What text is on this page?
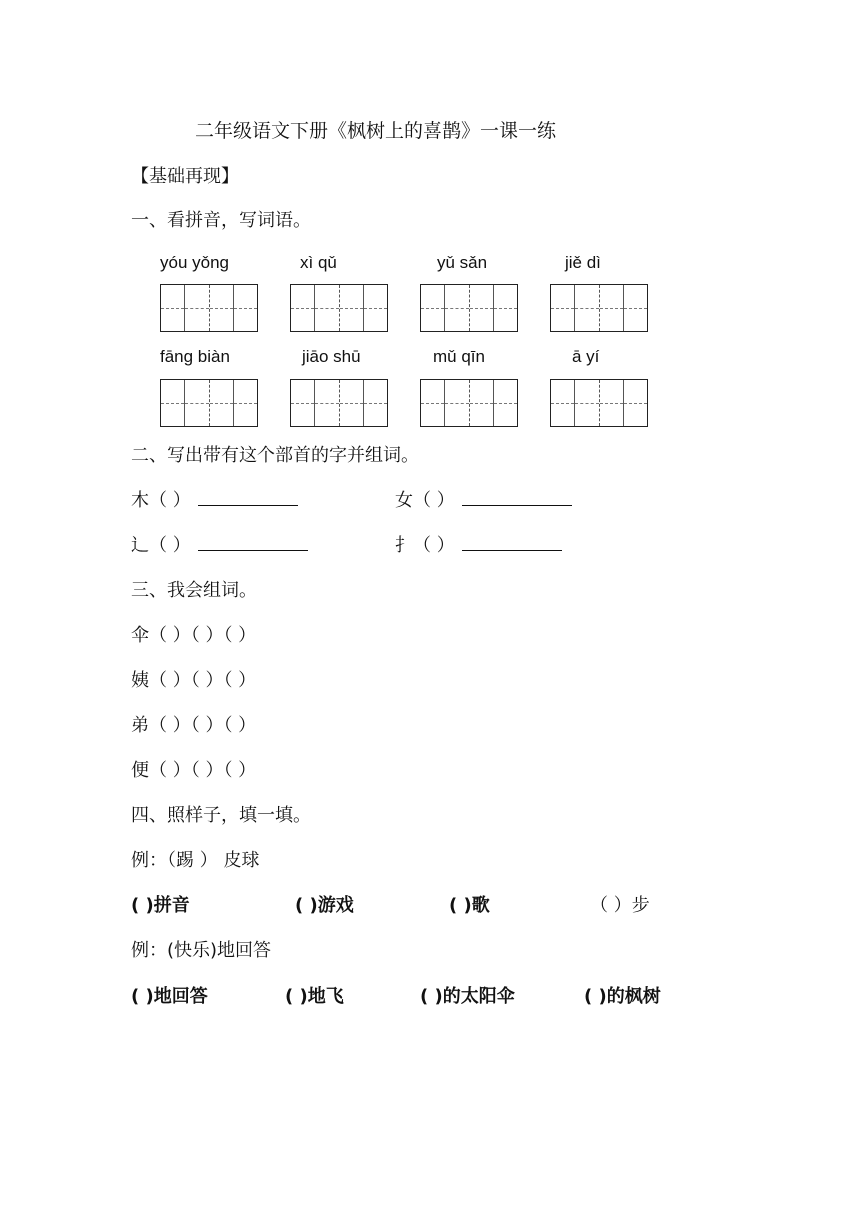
二年级语文下册《枫树上的喜鹊》一课一练
【基础再现】
一、看拼音，写词语。
yóu yǒng	xì qǔ	yǔ sǎn	jiě dì
fāng biàn	jiāo shū	mǔ qīn	ā yí
二、写出带有这个部首的字并组词。
木（ ）	女（ ）
辶（ ）	扌（ ）
三、我会组词。
伞（ ）（ ）（ ）
姨（ ）（ ）（ ）
弟（ ）（ ）（ ）
便（ ）（ ）（ ）
四、照样子，填一填。
例：（踢 ） 皮球
( )拼音	( )游戏	( )歌	（ ）步
例：(快乐)地回答
( )地回答	( )地飞	( )的太阳伞	( )的枫树
